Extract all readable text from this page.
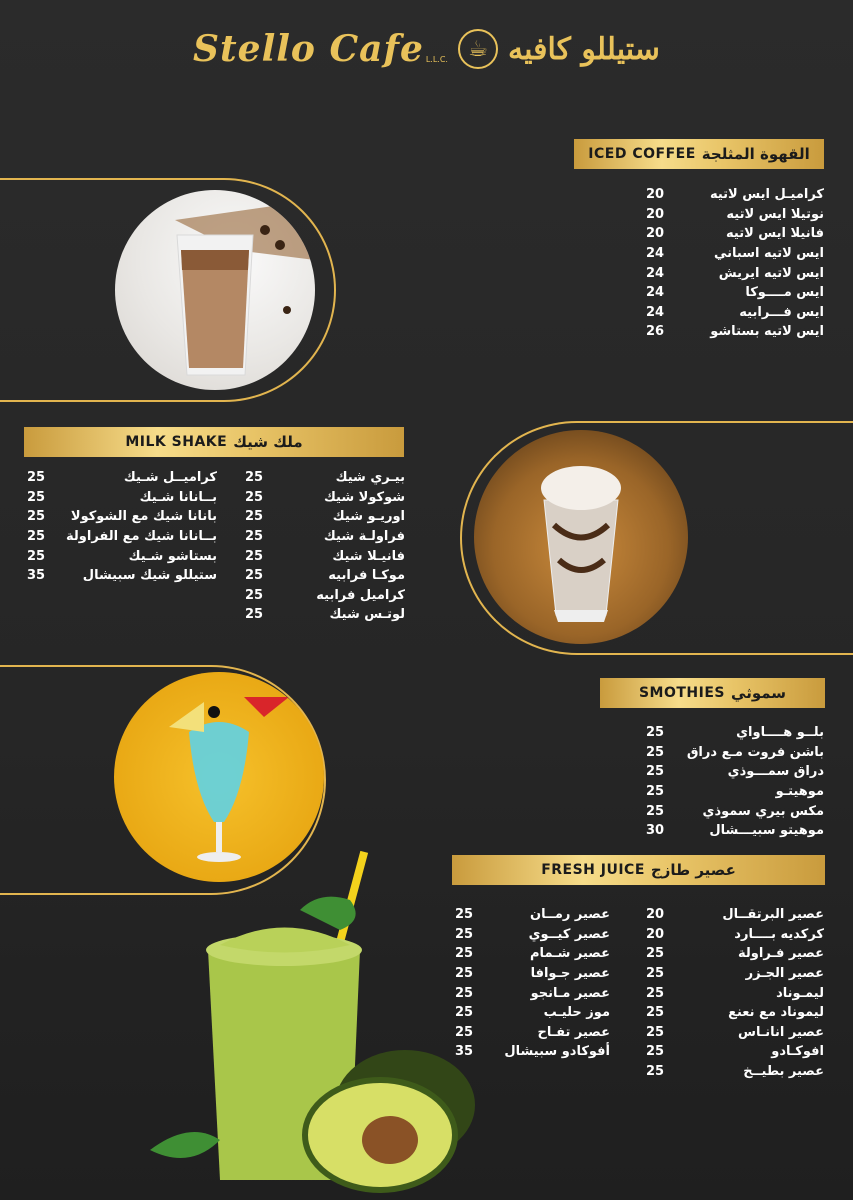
Stello Cafe L.L.C. ☕ ستيللو كافيه
القهوة المثلجة
ICED COFFEE
20	كراميـل ايس لاتيه
20	نوتيلا ايس لاتيه
20	فانيلا ايس لاتيه
24	ايس لاتيه اسباني
24	ايس لاتيه ايريش
24	ايس مــــوكا
24	ايس فـــرابيه
26	ايس لاتيه بستاشو
ملك شيك
MILK SHAKE
25	بيـري شيك
25	شوكولا شيك
25	اوريـو شيك
25	فراولـة شيك
25	فانيـلا شيك
25	موكـا فرابيه
25	كراميل فرابيه
25	لوتـس شيك
25	كراميــل شـيك
25	بــانانا شـيك
25 بانانا شيك مع الشوكولا
25 بــانانا شيك مع الفراولة
25	بستاشو شـيك
35	ستيللو شيك سبيشال
سموثي
SMOTHIES
25	بلــو هــــاواي
25 باشن فروت مـع دراق
25	دراق سمـــوذي
25	موهيتـو
25	مكس بيري سموذي
30	موهيتو سبيـــشال
عصير طازج
FRESH JUICE
20	عصير البرتقــال
20	كركديه بــــارد
25	عصير فـراولة
25	عصير الجـزر
25	ليمـوناد
25	ليموناد مع نعنع
25	عصير انانـاس
25	افوكـادو
25	عصير بطيــخ
25	عصير رمــان
25	عصير كيــوي
25	عصير شـمام
25	عصير جـوافا
25	عصير مـانجو
25	موز حليـب
25	عصير تفـاح
35 أفوكادو سبيشال
